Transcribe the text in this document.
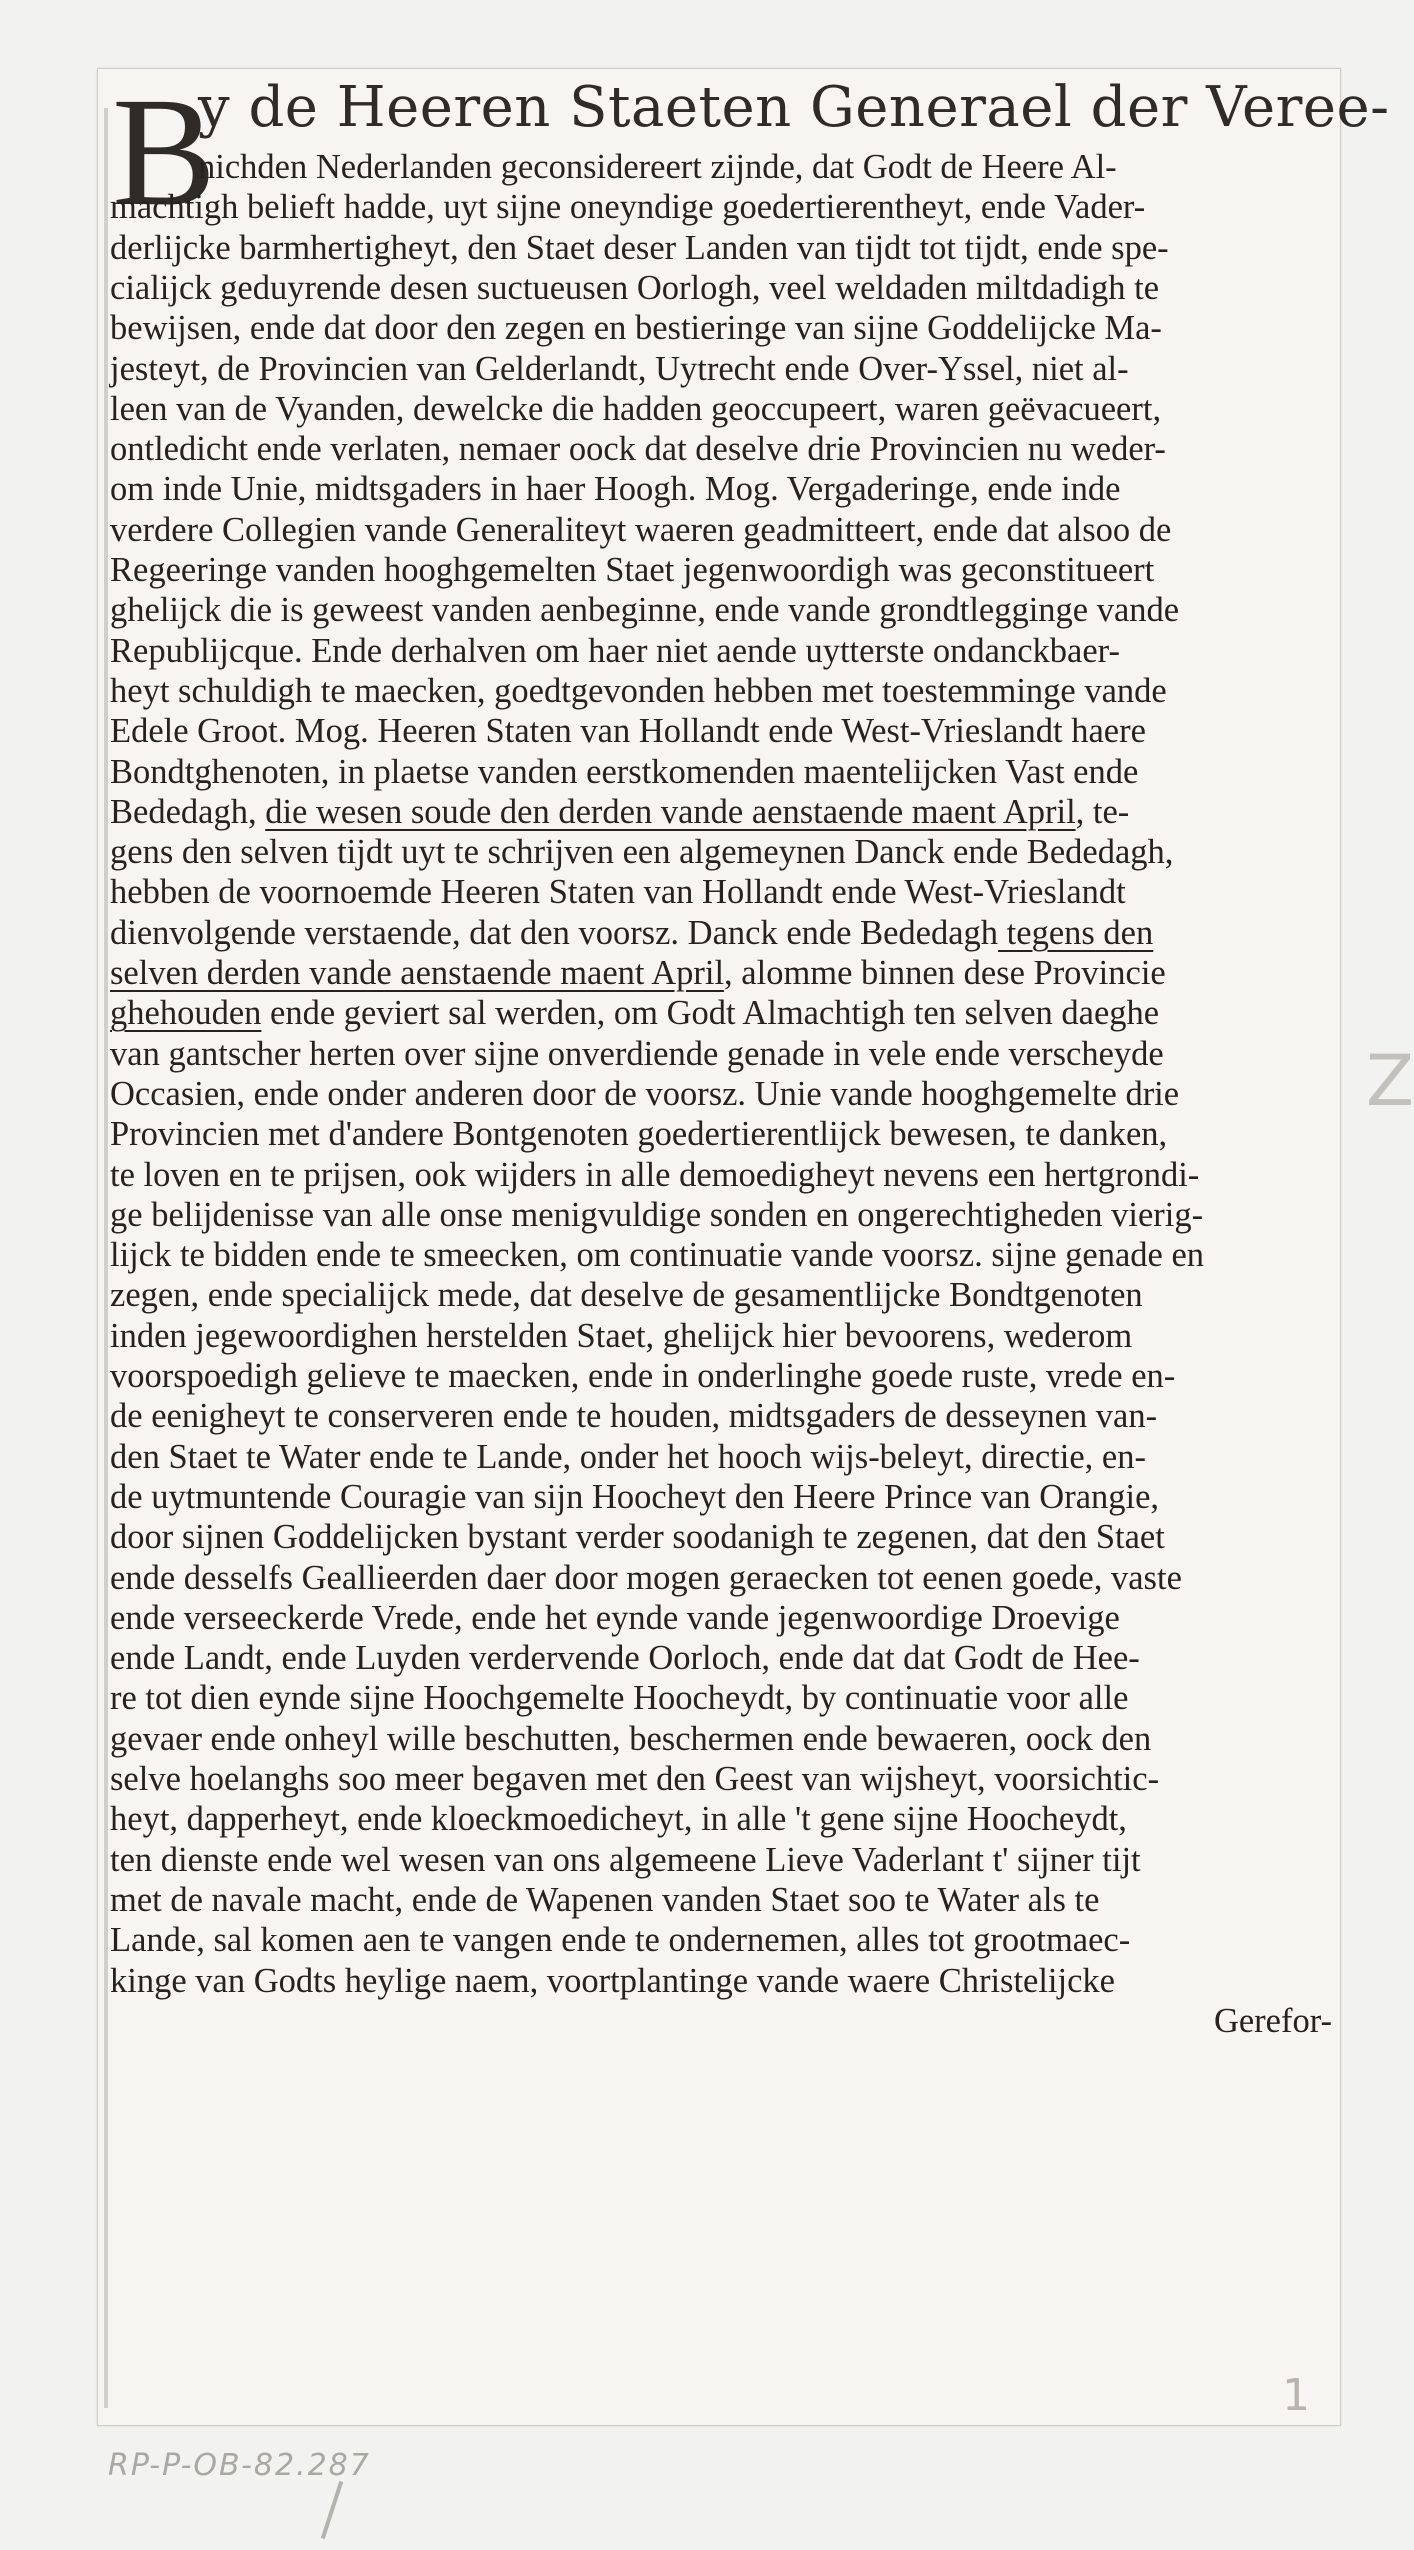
B
y de Heeren Staeten Generael der Veree-
nichden Nederlanden geconsidereert zijnde, dat Godt de Heere Al-
machtigh belieft hadde, uyt sijne oneyndige goedertierentheyt, ende Vader-
derlijcke barmhertigheyt, den Staet deser Landen van tijdt tot tijdt, ende spe-
cialijck geduyrende desen suctueusen Oorlogh, veel weldaden miltdadigh te
bewijsen, ende dat door den zegen en bestieringe van sijne Goddelijcke Ma-
jesteyt, de Provincien van Gelderlandt, Uytrecht ende Over-Yssel, niet al-
leen van de Vyanden, dewelcke die hadden geoccupeert, waren geëvacueert,
ontledicht ende verlaten, nemaer oock dat deselve drie Provincien nu weder-
om inde Unie, midtsgaders in haer Hoogh. Mog. Vergaderinge, ende inde
verdere Collegien vande Generaliteyt waeren geadmitteert, ende dat alsoo de
Regeeringe vanden hooghgemelten Staet jegenwoordigh was geconstitueert
ghelijck die is geweest vanden aenbeginne, ende vande grondtlegginge vande
Republijcque. Ende derhalven om haer niet aende uytterste ondanckbaer-
heyt schuldigh te maecken, goedtgevonden hebben met toestemminge vande
Edele Groot. Mog. Heeren Staten van Hollandt ende West-Vrieslandt haere
Bondtghenoten, in plaetse vanden eerstkomenden maentelijcken Vast ende
Bededagh, die wesen soude den derden vande aenstaende maent April, te-
gens den selven tijdt uyt te schrijven een algemeynen Danck ende Bededagh,
hebben de voornoemde Heeren Staten van Hollandt ende West-Vrieslandt
dienvolgende verstaende, dat den voorsz. Danck ende Bededagh tegens den
selven derden vande aenstaende maent April, alomme binnen dese Provincie
ghehouden ende geviert sal werden, om Godt Almachtigh ten selven daeghe
van gantscher herten over sijne onverdiende genade in vele ende verscheyde
Occasien, ende onder anderen door de voorsz. Unie vande hooghgemelte drie
Provincien met d'andere Bontgenoten goedertierentlijck bewesen, te danken,
te loven en te prijsen, ook wijders in alle demoedigheyt nevens een hertgrondi-
ge belijdenisse van alle onse menigvuldige sonden en ongerechtigheden vierig-
lijck te bidden ende te smeecken, om continuatie vande voorsz. sijne genade en
zegen, ende specialijck mede, dat deselve de gesamentlijcke Bondtgenoten
inden jegewoordighen herstelden Staet, ghelijck hier bevoorens, wederom
voorspoedigh gelieve te maecken, ende in onderlinghe goede ruste, vrede en-
de eenigheyt te conserveren ende te houden, midtsgaders de desseynen van-
den Staet te Water ende te Lande, onder het hooch wijs-beleyt, directie, en-
de uytmuntende Couragie van sijn Hoocheyt den Heere Prince van Orangie,
door sijnen Goddelijcken bystant verder soodanigh te zegenen, dat den Staet
ende desselfs Geallieerden daer door mogen geraecken tot eenen goede, vaste
ende verseeckerde Vrede, ende het eynde vande jegenwoordige Droevige
ende Landt, ende Luyden verdervende Oorloch, ende dat dat Godt de Hee-
re tot dien eynde sijne Hoochgemelte Hoocheydt, by continuatie voor alle
gevaer ende onheyl wille beschutten, beschermen ende bewaeren, oock den
selve hoelanghs soo meer begaven met den Geest van wijsheyt, voorsichtic-
heyt, dapperheyt, ende kloeckmoedicheyt, in alle 't gene sijne Hoocheydt,
ten dienste ende wel wesen van ons algemeene Lieve Vaderlant t' sijner tijt
met de navale macht, ende de Wapenen vanden Staet soo te Water als te
Lande, sal komen aen te vangen ende te ondernemen, alles tot grootmaec-
kinge van Godts heylige naem, voortplantinge vande waere Christelijcke
Gerefor-
Z
1
RP-P-OB-82.287
